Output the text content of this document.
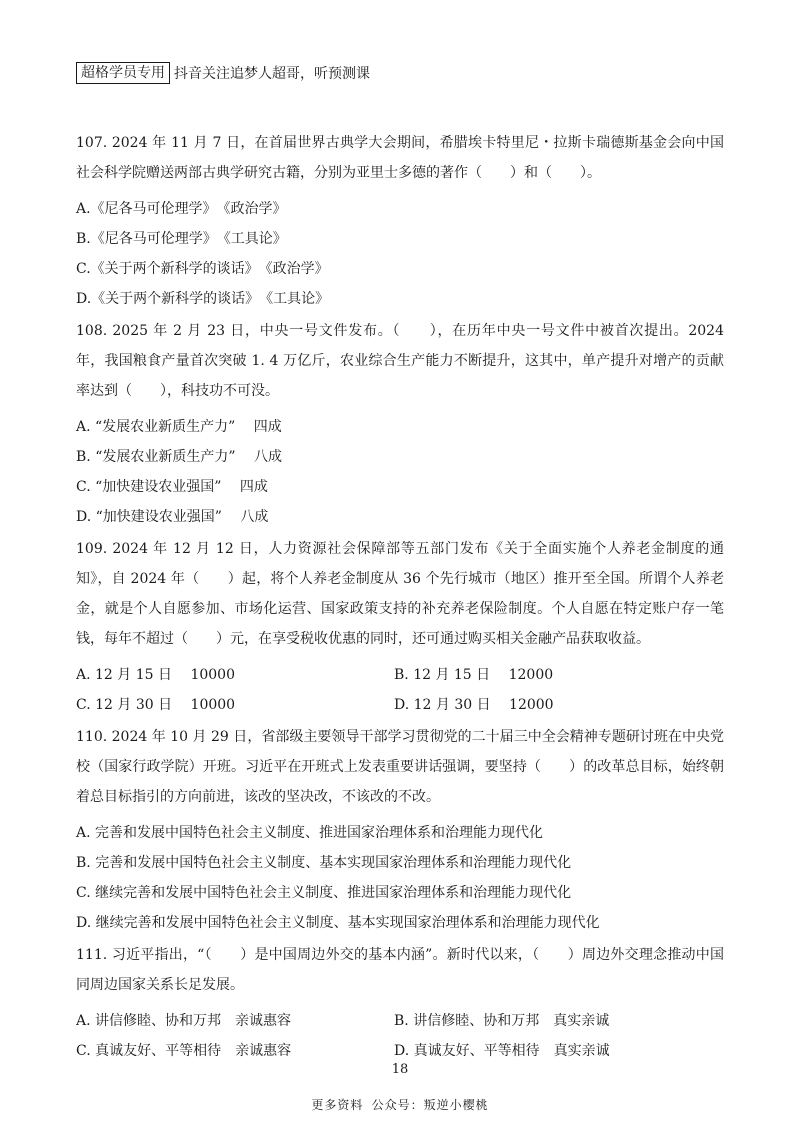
超格学员专用 抖音关注追梦人超哥，听预测课

107. 2024 年 11 月 7 日，在首届世界古典学大会期间，希腊埃卡特里尼・拉斯卡瑞德斯基金会向中国社会科学院赠送两部古典学研究古籍，分别为亚里士多德的著作（　　）和（　　）。

A.《尼各马可伦理学》　《政治学》
B.《尼各马可伦理学》　《工具论》
C.《关于两个新科学的谈话》　《政治学》
D.《关于两个新科学的谈话》　《工具论》

108. 2025 年 2 月 23 日，中央一号文件发布。（　　），在历年中央一号文件中被首次提出。2024 年，我国粮食产量首次突破 1. 4 万亿斤，农业综合生产能力不断提升，这其中，单产提升对增产的贡献率达到（　　），科技功不可没。

A. “发展农业新质生产力”　 四成
B. “发展农业新质生产力”　 八成
C. “加快建设农业强国”　 四成
D. “加快建设农业强国”　 八成

109. 2024 年 12 月 12 日，人力资源社会保障部等五部门发布《关于全面实施个人养老金制度的通知》，自 2024 年（　　）起，将个人养老金制度从 36 个先行城市（地区）推开至全国。所谓个人养老金，就是个人自愿参加、市场化运营、国家政策支持的补充养老保险制度。个人自愿在特定账户存一笔钱，每年不超过（　　）元，在享受税收优惠的同时，还可通过购买相关金融产品获取收益。

A. 12 月 15 日　 10000	B. 12 月 15 日　 12000
C. 12 月 30 日　 10000	D. 12 月 30 日　 12000

110. 2024 年 10 月 29 日，省部级主要领导干部学习贯彻党的二十届三中全会精神专题研讨班在中央党校（国家行政学院）开班。习近平在开班式上发表重要讲话强调，要坚持（　　）的改革总目标，始终朝着总目标指引的方向前进，该改的坚决改，不该改的不改。

A. 完善和发展中国特色社会主义制度、推进国家治理体系和治理能力现代化
B. 完善和发展中国特色社会主义制度、基本实现国家治理体系和治理能力现代化
C. 继续完善和发展中国特色社会主义制度、推进国家治理体系和治理能力现代化
D. 继续完善和发展中国特色社会主义制度、基本实现国家治理体系和治理能力现代化

111. 习近平指出，“（　　）是中国周边外交的基本内涵”。新时代以来，（　　）周边外交理念推动中国同周边国家关系长足发展。

A. 讲信修睦、协和万邦　亲诚惠容	B. 讲信修睦、协和万邦　真实亲诚
C. 真诚友好、平等相待　亲诚惠容	D. 真诚友好、平等相待　真实亲诚
18
更多资料 公众号：叛逆小樱桃
